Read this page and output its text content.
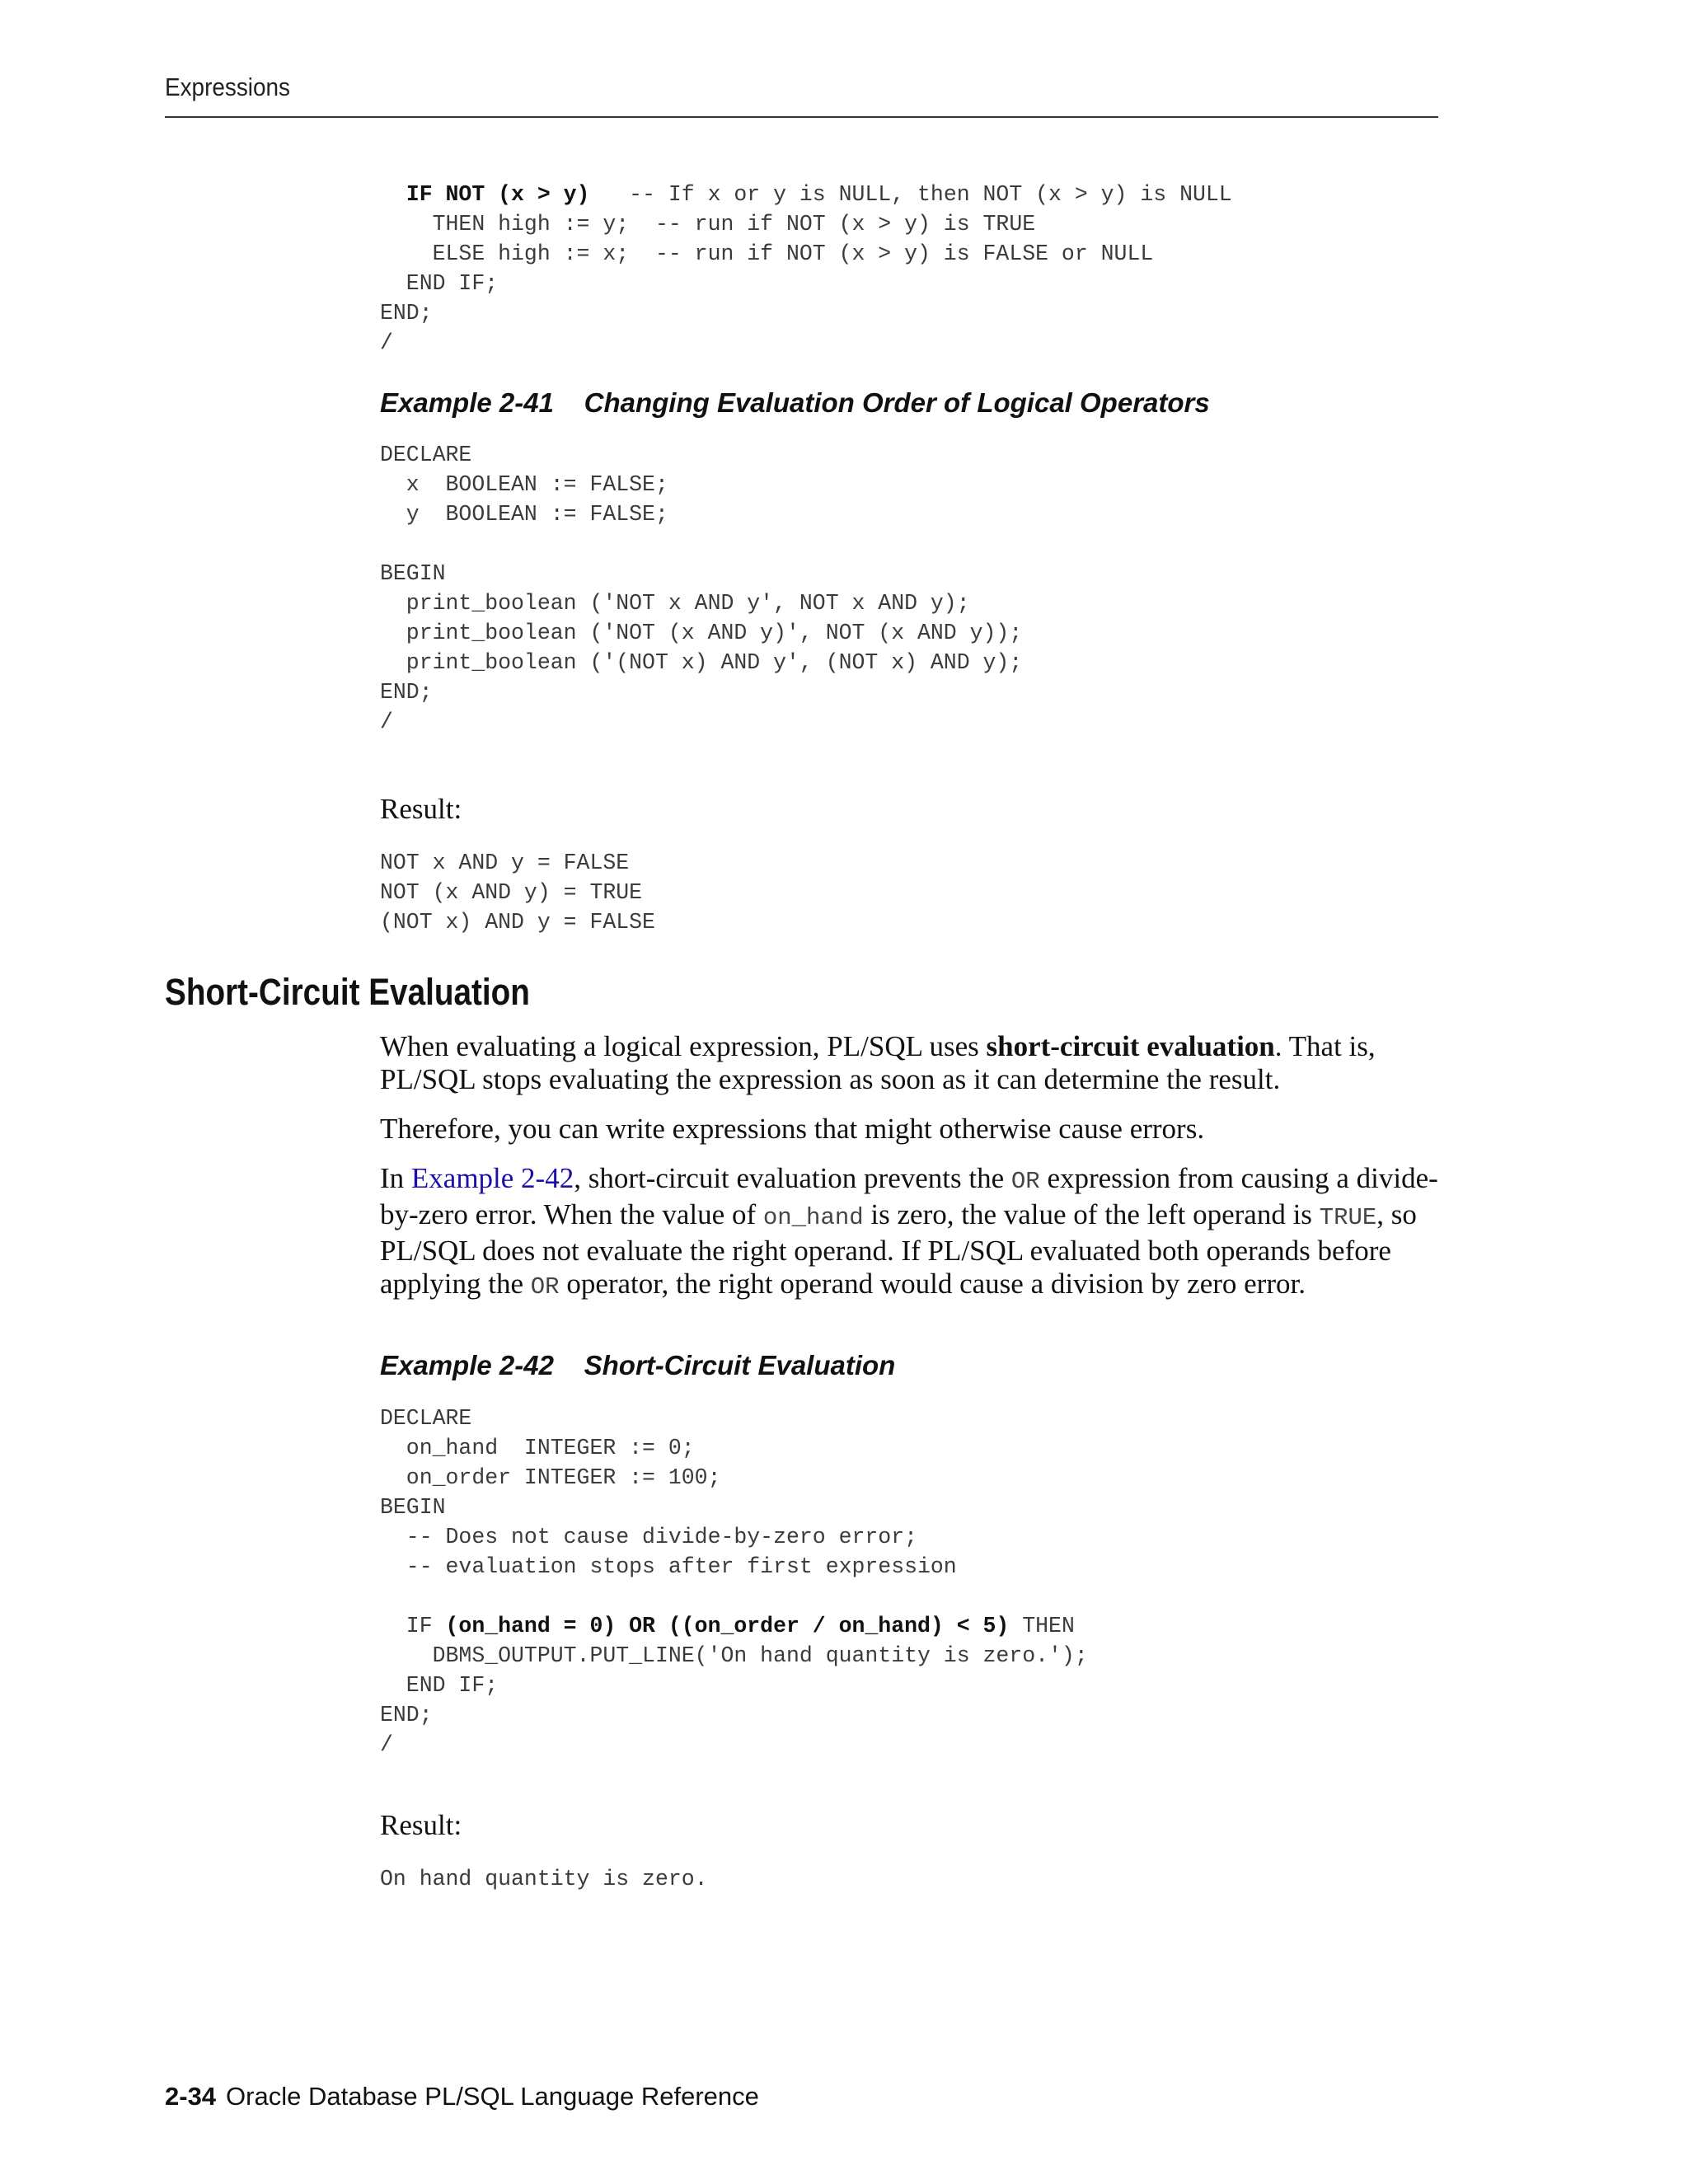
Expressions
IF NOT (x > y)   -- If x or y is NULL, then NOT (x > y) is NULL
THEN high := y;  -- run if NOT (x > y) is TRUE
ELSE high := x;  -- run if NOT (x > y) is FALSE or NULL
END IF;
END;
/
Example 2-41    Changing Evaluation Order of Logical Operators
DECLARE
x  BOOLEAN := FALSE;
y  BOOLEAN := FALSE;

BEGIN
print_boolean ('NOT x AND y', NOT x AND y);
print_boolean ('NOT (x AND y)', NOT (x AND y));
print_boolean ('(NOT x) AND y', (NOT x) AND y);
END;
/
Result:
NOT x AND y = FALSE
NOT (x AND y) = TRUE
(NOT x) AND y = FALSE
Short-Circuit Evaluation

When evaluating a logical expression, PL/SQL uses short-circuit evaluation. That is, PL/SQL stops evaluating the expression as soon as it can determine the result.

Therefore, you can write expressions that might otherwise cause errors.

In Example 2-42, short-circuit evaluation prevents the OR expression from causing a divide-by-zero error. When the value of on_hand is zero, the value of the left operand is TRUE, so PL/SQL does not evaluate the right operand. If PL/SQL evaluated both operands before applying the OR operator, the right operand would cause a division by zero error.

Example 2-42    Short-Circuit Evaluation
DECLARE
on_hand  INTEGER := 0;
on_order INTEGER := 100;
BEGIN
-- Does not cause divide-by-zero error;
-- evaluation stops after first expression

IF (on_hand = 0) OR ((on_order / on_hand) < 5) THEN
DBMS_OUTPUT.PUT_LINE('On hand quantity is zero.');
END IF;
END;
/
Result:
On hand quantity is zero.
2-34 Oracle Database PL/SQL Language Reference
